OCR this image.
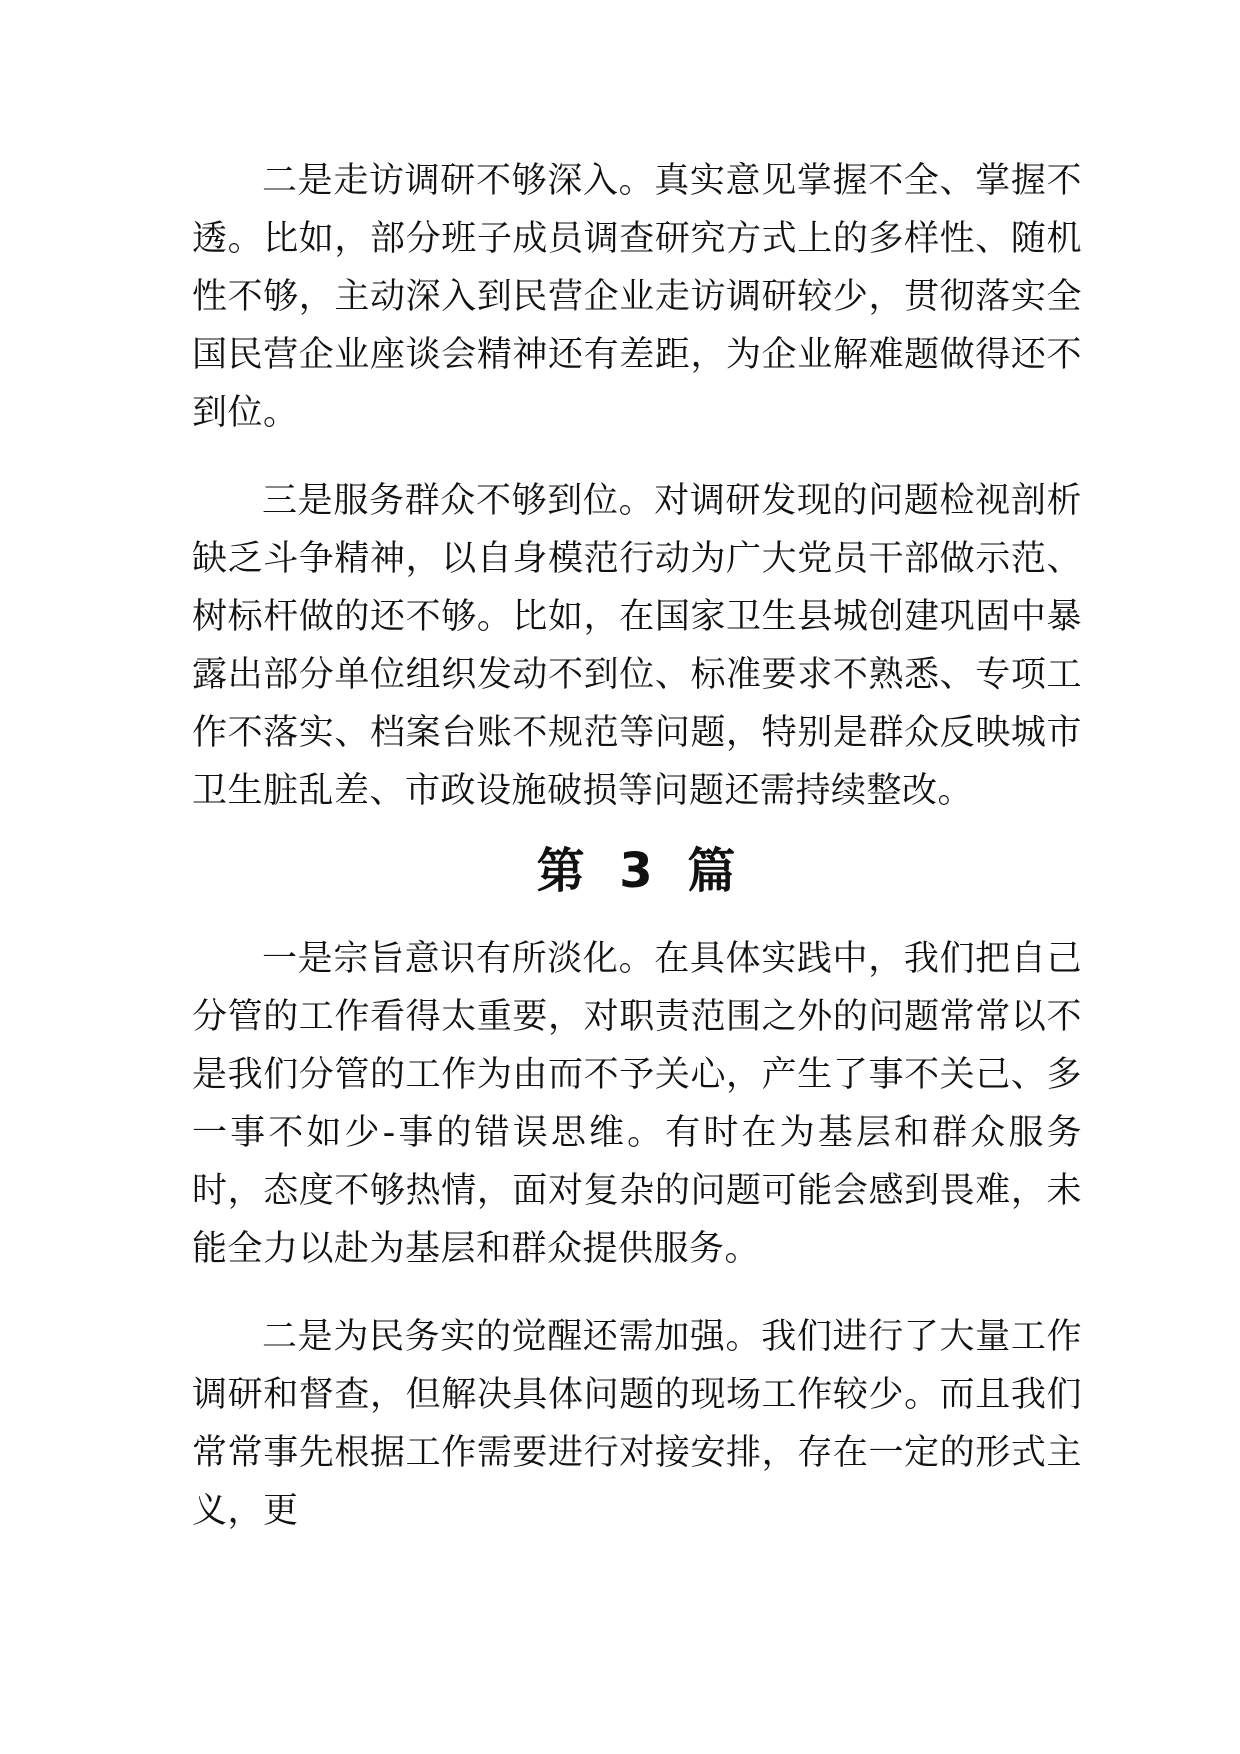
二是走访调研不够深入。真实意见掌握不全、掌握不透。比如，部分班子成员调查研究方式上的多样性、随机性不够，主动深入到民营企业走访调研较少，贯彻落实全国民营企业座谈会精神还有差距，为企业解难题做得还不到位。

三是服务群众不够到位。对调研发现的问题检视剖析缺乏斗争精神，以自身模范行动为广大党员干部做示范、树标杆做的还不够。比如，在国家卫生县城创建巩固中暴露出部分单位组织发动不到位、标准要求不熟悉、专项工作不落实、档案台账不规范等问题，特别是群众反映城市卫生脏乱差、市政设施破损等问题还需持续整改。

第 3 篇

一是宗旨意识有所淡化。在具体实践中，我们把自己分管的工作看得太重要，对职责范围之外的问题常常以不是我们分管的工作为由而不予关心，产生了事不关己、多一事不如少-事的错误思维。有时在为基层和群众服务时，态度不够热情，面对复杂的问题可能会感到畏难，未能全力以赴为基层和群众提供服务。

二是为民务实的觉醒还需加强。我们进行了大量工作调研和督查，但解决具体问题的现场工作较少。而且我们常常事先根据工作需要进行对接安排，存在一定的形式主义，更
